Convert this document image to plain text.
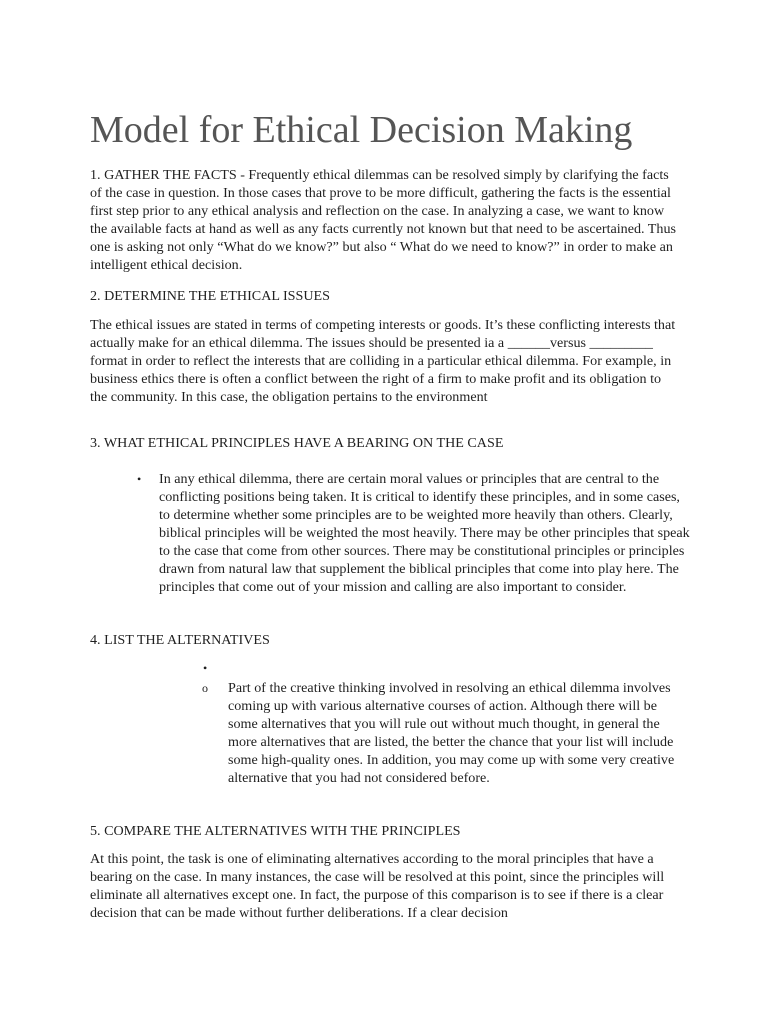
Model for Ethical Decision Making

1. GATHER THE FACTS - Frequently ethical dilemmas can be resolved simply by clarifying the facts of the case in question. In those cases that prove to be more difficult, gathering the facts is the essential first step prior to any ethical analysis and reflection on the case. In analyzing a case, we want to know the available facts at hand as well as any facts currently not known but that need to be ascertained. Thus one is asking not only “What do we know?” but also “ What do we need to know?” in order to make an intelligent ethical decision.

2. DETERMINE THE ETHICAL ISSUES

The ethical issues are stated in terms of competing interests or goods. It’s these conflicting interests that actually make for an ethical dilemma. The issues should be presented ia a ______versus _________ format in order to reflect the interests that are colliding in a particular ethical dilemma. For example, in business ethics there is often a conflict between the right of a firm to make profit and its obligation to the community. In this case, the obligation pertains to the environment

3. WHAT ETHICAL PRINCIPLES HAVE A BEARING ON THE CASE

• In any ethical dilemma, there are certain moral values or principles that are central to the conflicting positions being taken. It is critical to identify these principles, and in some cases, to determine whether some principles are to be weighted more heavily than others. Clearly, biblical principles will be weighted the most heavily. There may be other principles that speak to the case that come from other sources. There may be constitutional principles or principles drawn from natural law that supplement the biblical principles that come into play here. The principles that come out of your mission and calling are also important to consider.

4. LIST THE ALTERNATIVES

•
o Part of the creative thinking involved in resolving an ethical dilemma involves coming up with various alternative courses of action. Although there will be some alternatives that you will rule out without much thought, in general the more alternatives that are listed, the better the chance that your list will include some high-quality ones. In addition, you may come up with some very creative alternative that you had not considered before.

5. COMPARE THE ALTERNATIVES WITH THE PRINCIPLES

At this point, the task is one of eliminating alternatives according to the moral principles that have a bearing on the case. In many instances, the case will be resolved at this point, since the principles will eliminate all alternatives except one. In fact, the purpose of this comparison is to see if there is a clear decision that can be made without further deliberations. If a clear decision
